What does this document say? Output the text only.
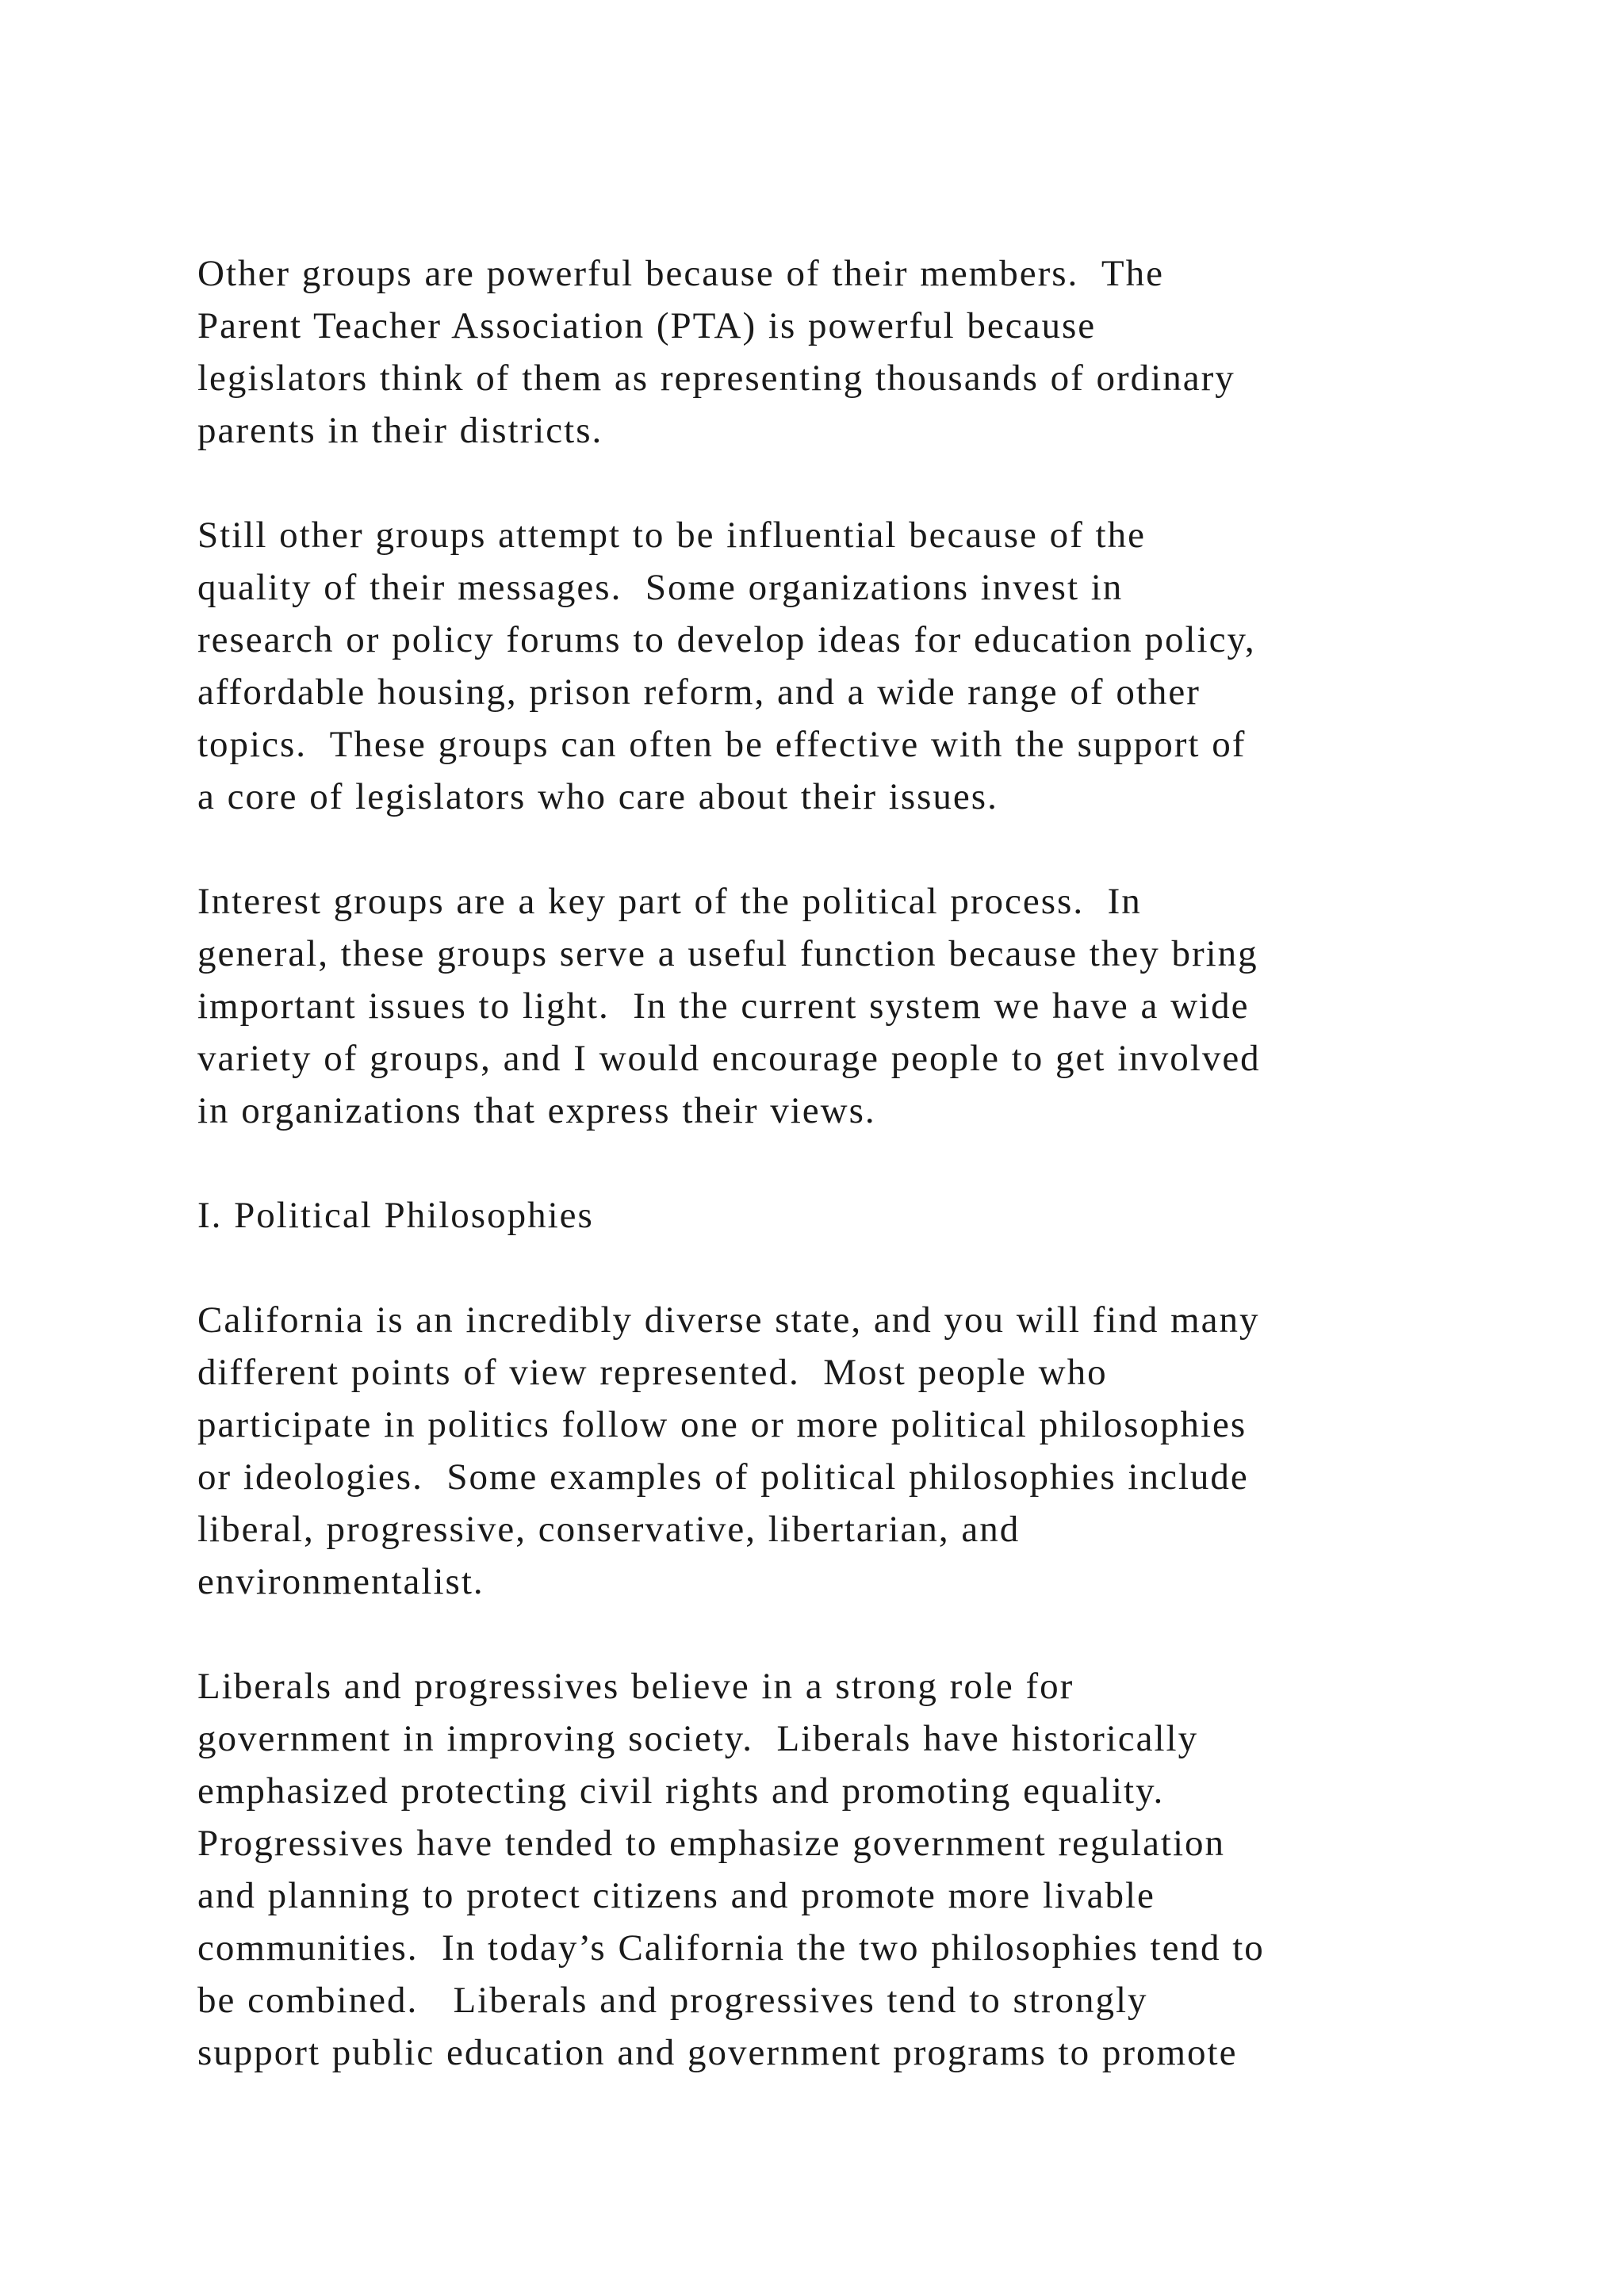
Other groups are powerful because of their members.  The
Parent Teacher Association (PTA) is powerful because
legislators think of them as representing thousands of ordinary
parents in their districts.
Still other groups attempt to be influential because of the
quality of their messages.  Some organizations invest in
research or policy forums to develop ideas for education policy,
affordable housing, prison reform, and a wide range of other
topics.  These groups can often be effective with the support of
a core of legislators who care about their issues.
Interest groups are a key part of the political process.  In
general, these groups serve a useful function because they bring
important issues to light.  In the current system we have a wide
variety of groups, and I would encourage people to get involved
in organizations that express their views.
I. Political Philosophies
California is an incredibly diverse state, and you will find many
different points of view represented.  Most people who
participate in politics follow one or more political philosophies
or ideologies.  Some examples of political philosophies include
liberal, progressive, conservative, libertarian, and
environmentalist.
Liberals and progressives believe in a strong role for
government in improving society.  Liberals have historically
emphasized protecting civil rights and promoting equality.
Progressives have tended to emphasize government regulation
and planning to protect citizens and promote more livable
communities.  In today’s California the two philosophies tend to
be combined.   Liberals and progressives tend to strongly
support public education and government programs to promote
